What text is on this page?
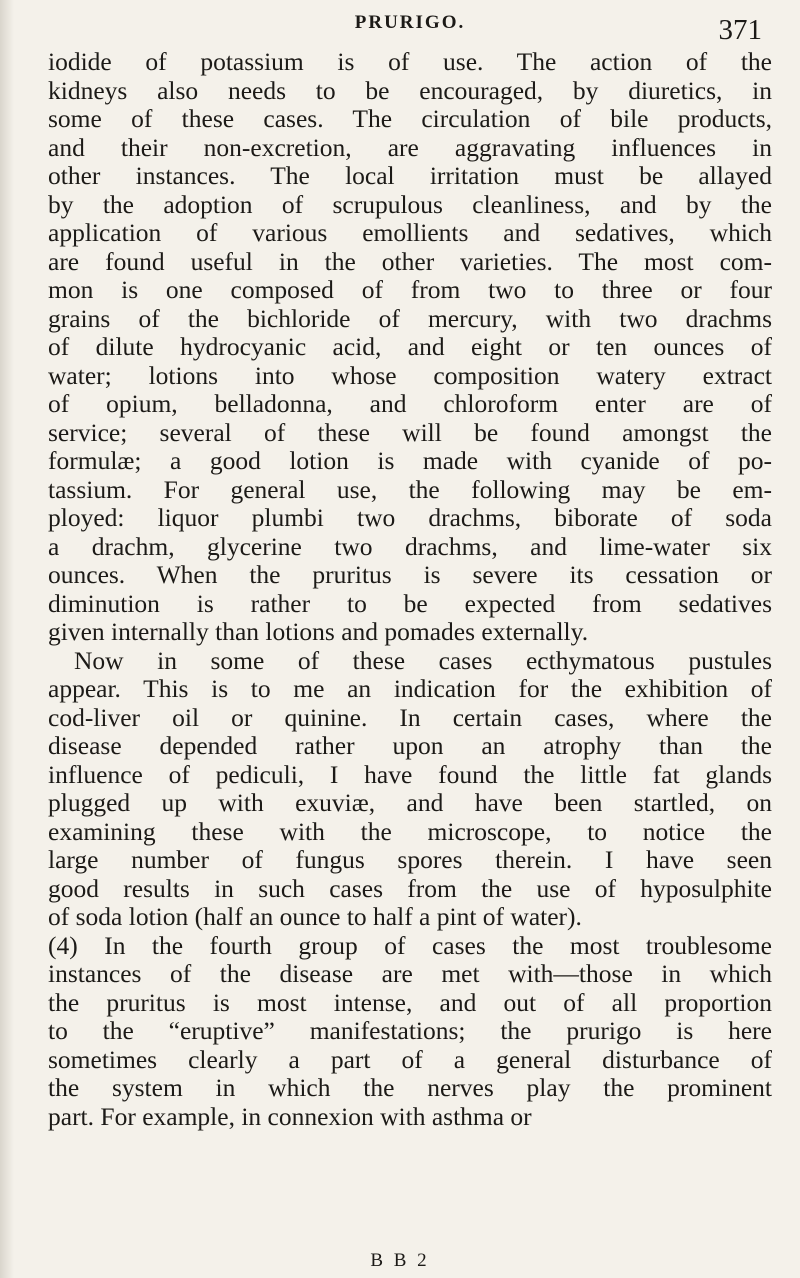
PRURIGO.	371
iodide of potassium is of use. The action of the
kidneys also needs to be encouraged, by diuretics, in
some of these cases. The circulation of bile products,
and their non-excretion, are aggravating influences in
other instances. The local irritation must be allayed
by the adoption of scrupulous cleanliness, and by the
application of various emollients and sedatives, which
are found useful in the other varieties. The most com-
mon is one composed of from two to three or four
grains of the bichloride of mercury, with two drachms
of dilute hydrocyanic acid, and eight or ten ounces of
water; lotions into whose composition watery extract
of opium, belladonna, and chloroform enter are of
service; several of these will be found amongst the
formulæ; a good lotion is made with cyanide of po-
tassium. For general use, the following may be em-
ployed: liquor plumbi two drachms, biborate of soda
a drachm, glycerine two drachms, and lime-water six
ounces. When the pruritus is severe its cessation or
diminution is rather to be expected from sedatives
given internally than lotions and pomades externally.
Now in some of these cases ecthymatous pustules
appear. This is to me an indication for the exhibition of
cod-liver oil or quinine. In certain cases, where the
disease depended rather upon an atrophy than the
influence of pediculi, I have found the little fat glands
plugged up with exuviæ, and have been startled, on
examining these with the microscope, to notice the
large number of fungus spores therein. I have seen
good results in such cases from the use of hyposulphite
of soda lotion (half an ounce to half a pint of water).
(4) In the fourth group of cases the most troublesome
instances of the disease are met with—those in which
the pruritus is most intense, and out of all proportion
to the “eruptive” manifestations; the prurigo is here
sometimes clearly a part of a general disturbance of
the system in which the nerves play the prominent
part. For example, in connexion with asthma or
B B 2
